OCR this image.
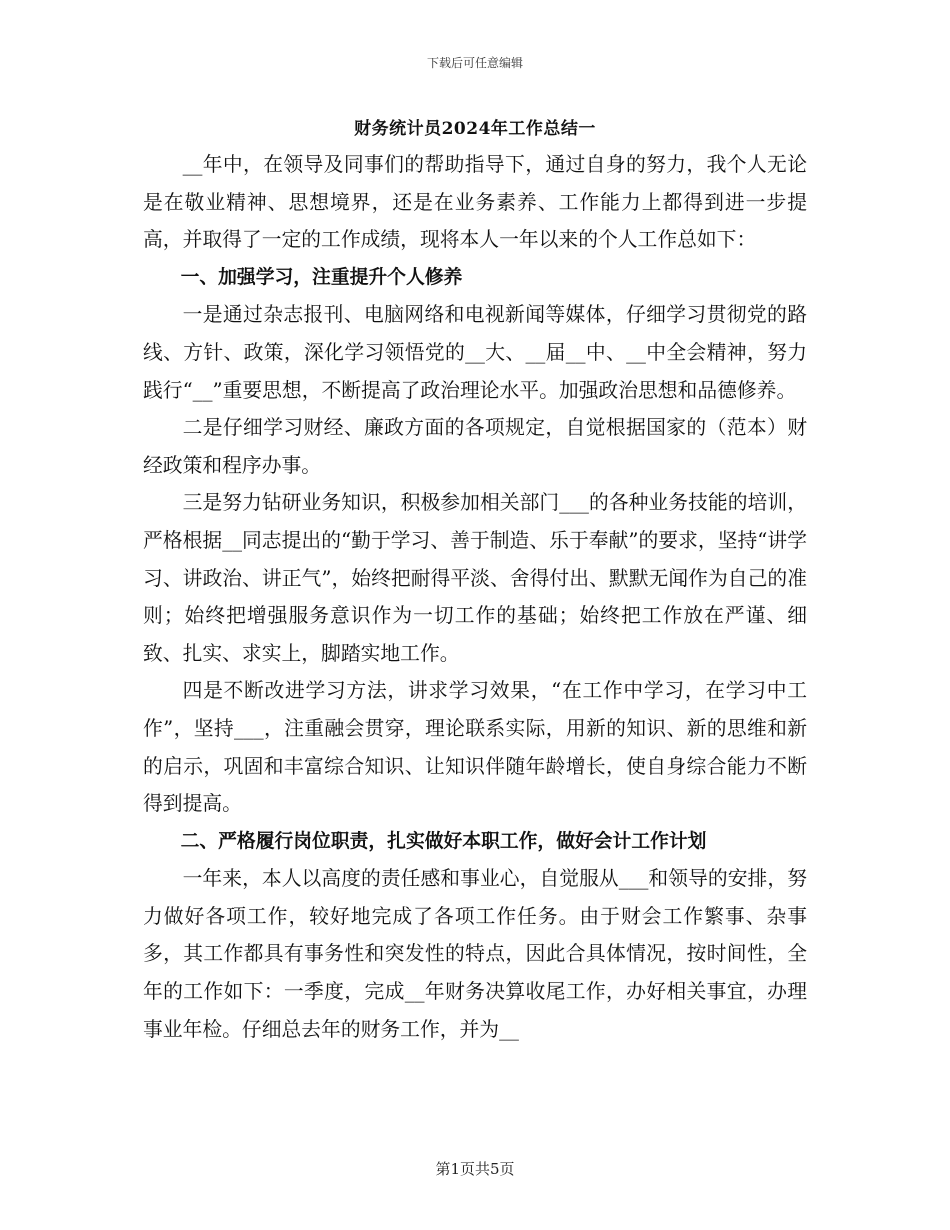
下载后可任意编辑
财务统计员2024年工作总结一

__年中，在领导及同事们的帮助指导下，通过自身的努力，我个人无论是在敬业精神、思想境界，还是在业务素养、工作能力上都得到进一步提高，并取得了一定的工作成绩，现将本人一年以来的个人工作总如下：

一、加强学习，注重提升个人修养

一是通过杂志报刊、电脑网络和电视新闻等媒体，仔细学习贯彻党的路线、方针、政策，深化学习领悟党的__大、__届__中、__中全会精神，努力践行“__”重要思想，不断提高了政治理论水平。加强政治思想和品德修养。

二是仔细学习财经、廉政方面的各项规定，自觉根据国家的（范本）财经政策和程序办事。

三是努力钻研业务知识，积极参加相关部门___的各种业务技能的培训，严格根据__同志提出的“勤于学习、善于制造、乐于奉献”的要求，坚持“讲学习、讲政治、讲正气”，始终把耐得平淡、舍得付出、默默无闻作为自己的准则；始终把增强服务意识作为一切工作的基础；始终把工作放在严谨、细致、扎实、求实上，脚踏实地工作。

四是不断改进学习方法，讲求学习效果，“在工作中学习，在学习中工作”，坚持___，注重融会贯穿，理论联系实际，用新的知识、新的思维和新的启示，巩固和丰富综合知识、让知识伴随年龄增长，使自身综合能力不断得到提高。

二、严格履行岗位职责，扎实做好本职工作，做好会计工作计划

一年来，本人以高度的责任感和事业心，自觉服从___和领导的安排，努力做好各项工作，较好地完成了各项工作任务。由于财会工作繁事、杂事多，其工作都具有事务性和突发性的特点，因此合具体情况，按时间性，全年的工作如下：一季度，完成__年财务决算收尾工作，办好相关事宜，办理事业年检。仔细总去年的财务工作，并为__

第1页共5页
